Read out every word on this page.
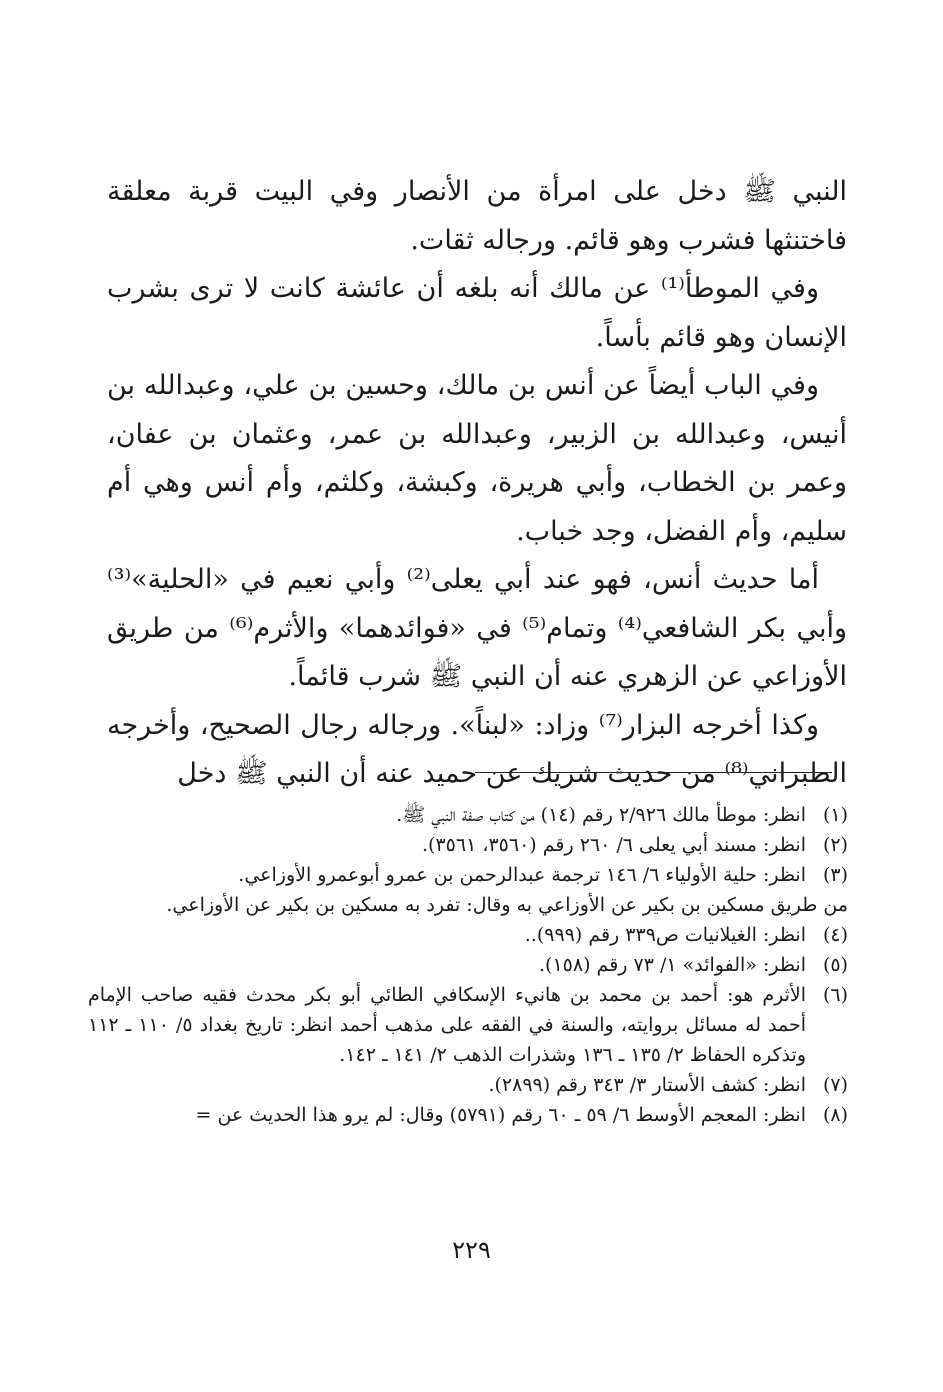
النبي ﷺ دخل على امرأة من الأنصار وفي البيت قربة معلقة فاختنثها فشرب وهو قائم. ورجاله ثقات.

وفي الموطأ⁽¹⁾ عن مالك أنه بلغه أن عائشة كانت لا ترى بشرب الإنسان وهو قائم بأساً.

وفي الباب أيضاً عن أنس بن مالك، وحسين بن علي، وعبدالله بن أنيس، وعبدالله بن الزبير، وعبدالله بن عمر، وعثمان بن عفان، وعمر بن الخطاب، وأبي هريرة، وكبشة، وكلثم، وأم أنس وهي أم سليم، وأم الفضل، وجد خباب.

أما حديث أنس، فهو عند أبي يعلى⁽²⁾ وأبي نعيم في «الحلية»⁽³⁾ وأبي بكر الشافعي⁽⁴⁾ وتمام⁽⁵⁾ في «فوائدهما» والأثرم⁽⁶⁾ من طريق الأوزاعي عن الزهري عنه أن النبي ﷺ شرب قائماً.

وكذا أخرجه البزار⁽⁷⁾ وزاد: «لبناً». ورجاله رجال الصحيح، وأخرجه الطبراني⁽⁸⁾ من حديث شريك عن حميد عنه أن النبي ﷺ دخل

(١)
انظر: موطأ مالك ٢/٩٢٦ رقم (١٤) من كتاب صفة النبي ﷺ.
(٢)
انظر: مسند أبي يعلى ٦/ ٢٦٠ رقم (٣٥٦٠، ٣٥٦١).
(٣)
انظر: حلية الأولياء ٦/ ١٤٦ ترجمة عبدالرحمن بن عمرو أبوعمرو الأوزاعي.
من طريق مسكين بن بكير عن الأوزاعي به وقال: تفرد به مسكين بن بكير عن الأوزاعي.
(٤)
انظر: الغيلانيات ص٣٣٩ رقم (٩٩٩)..
(٥)
انظر: «الفوائد» ١/ ٧٣ رقم (١٥٨).
(٦)
الأثرم هو: أحمد بن محمد بن هانيء الإسكافي الطائي أبو بكر محدث فقيه صاحب الإمام أحمد له مسائل بروايته، والسنة في الفقه على مذهب أحمد انظر: تاريخ بغداد ٥/ ١١٠ ـ ١١٢ وتذكره الحفاظ ٢/ ١٣٥ ـ ١٣٦ وشذرات الذهب ٢/ ١٤١ ـ ١٤٢.
(٧)
انظر: كشف الأستار ٣/ ٣٤٣ رقم (٢٨٩٩).
(٨)
انظر: المعجم الأوسط ٦/ ٥٩ ـ ٦٠ رقم (٥٧٩١) وقال: لم يرو هذا الحديث عن =
٢٢٩
